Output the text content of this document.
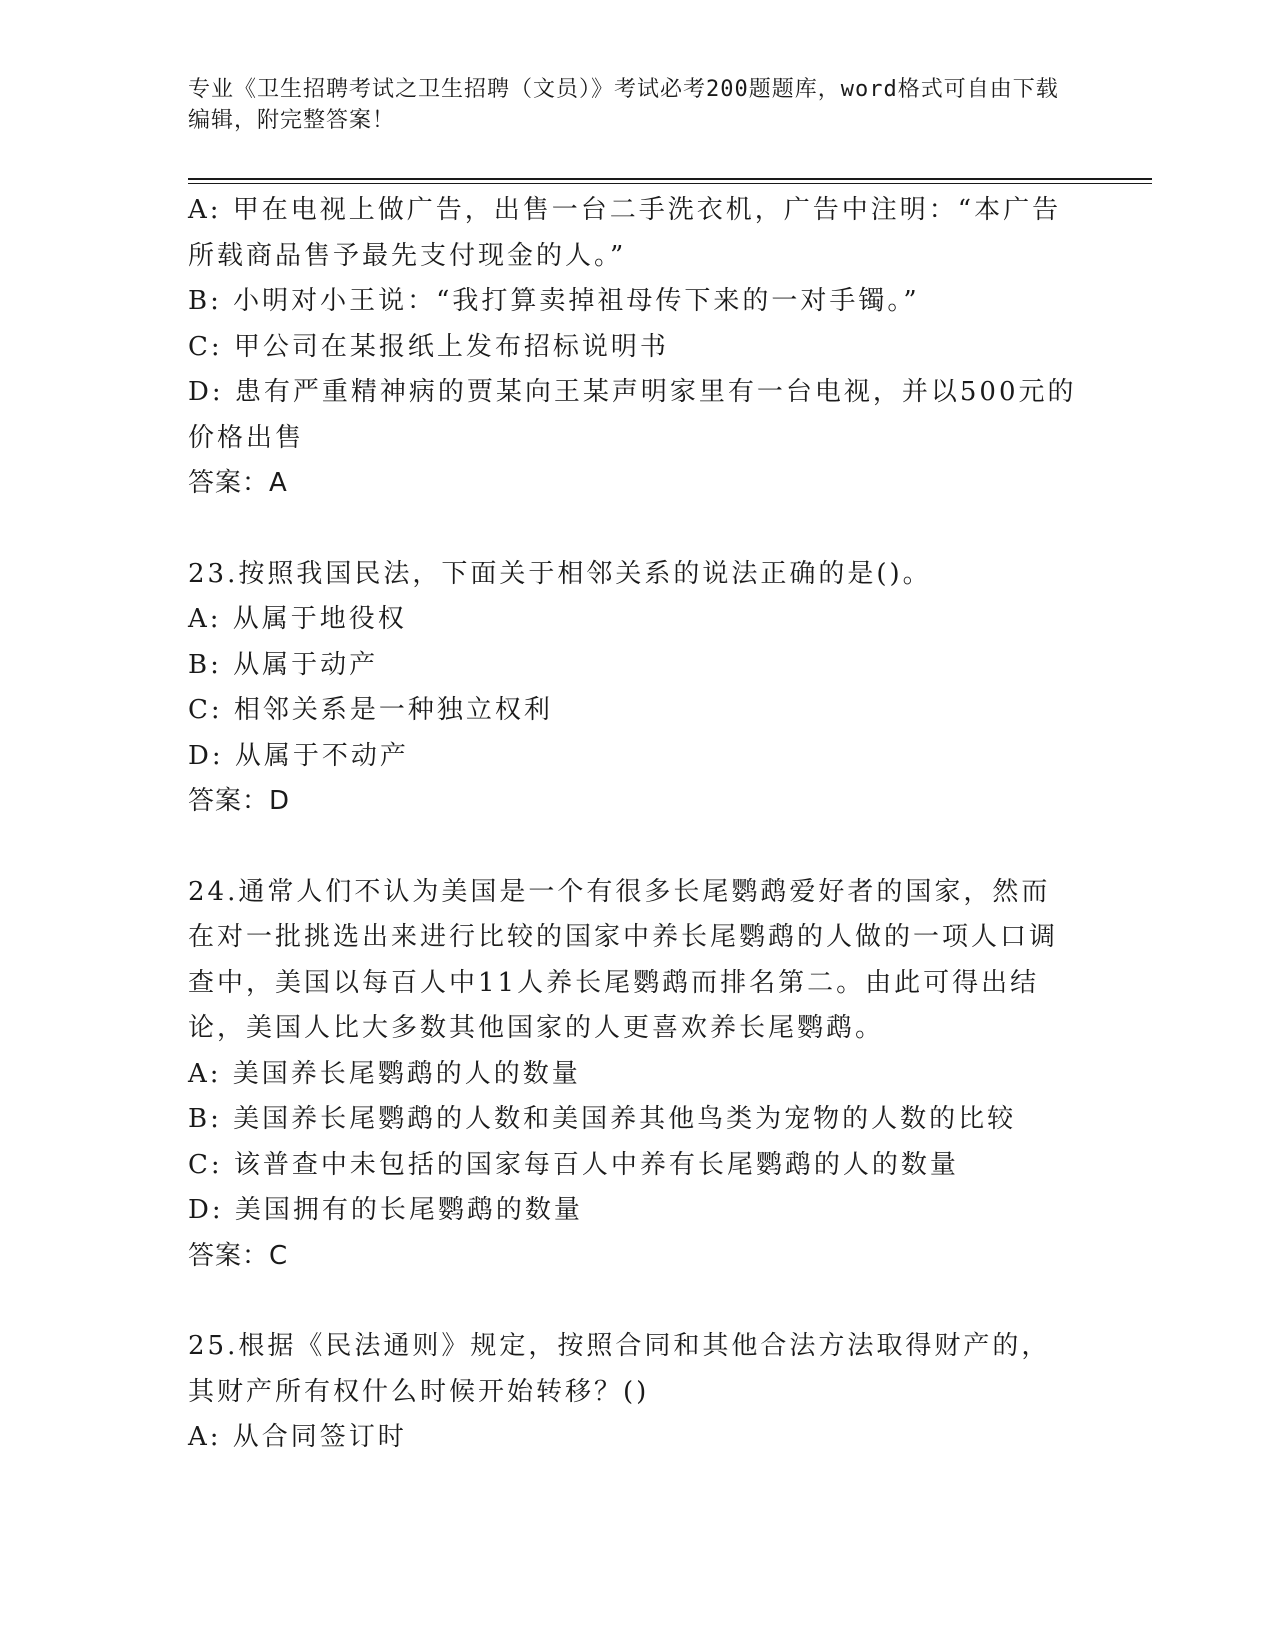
专业《卫生招聘考试之卫生招聘（文员）》考试必考200题题库，word格式可自由下载编辑，附完整答案！
A: 甲在电视上做广告，出售一台二手洗衣机，广告中注明：“本广告所载商品售予最先支付现金的人。”
B: 小明对小王说：“我打算卖掉祖母传下来的一对手镯。”
C: 甲公司在某报纸上发布招标说明书
D: 患有严重精神病的贾某向王某声明家里有一台电视，并以500元的价格出售
答案：A
23.按照我国民法，下面关于相邻关系的说法正确的是()。
A: 从属于地役权
B: 从属于动产
C: 相邻关系是一种独立权利
D: 从属于不动产
答案：D
24.通常人们不认为美国是一个有很多长尾鹦鹉爱好者的国家，然而在对一批挑选出来进行比较的国家中养长尾鹦鹉的人做的一项人口调查中，美国以每百人中11人养长尾鹦鹉而排名第二。由此可得出结论，美国人比大多数其他国家的人更喜欢养长尾鹦鹉。
A: 美国养长尾鹦鹉的人的数量
B: 美国养长尾鹦鹉的人数和美国养其他鸟类为宠物的人数的比较
C: 该普查中未包括的国家每百人中养有长尾鹦鹉的人的数量
D: 美国拥有的长尾鹦鹉的数量
答案：C
25.根据《民法通则》规定，按照合同和其他合法方法取得财产的，其财产所有权什么时候开始转移？()
A: 从合同签订时
